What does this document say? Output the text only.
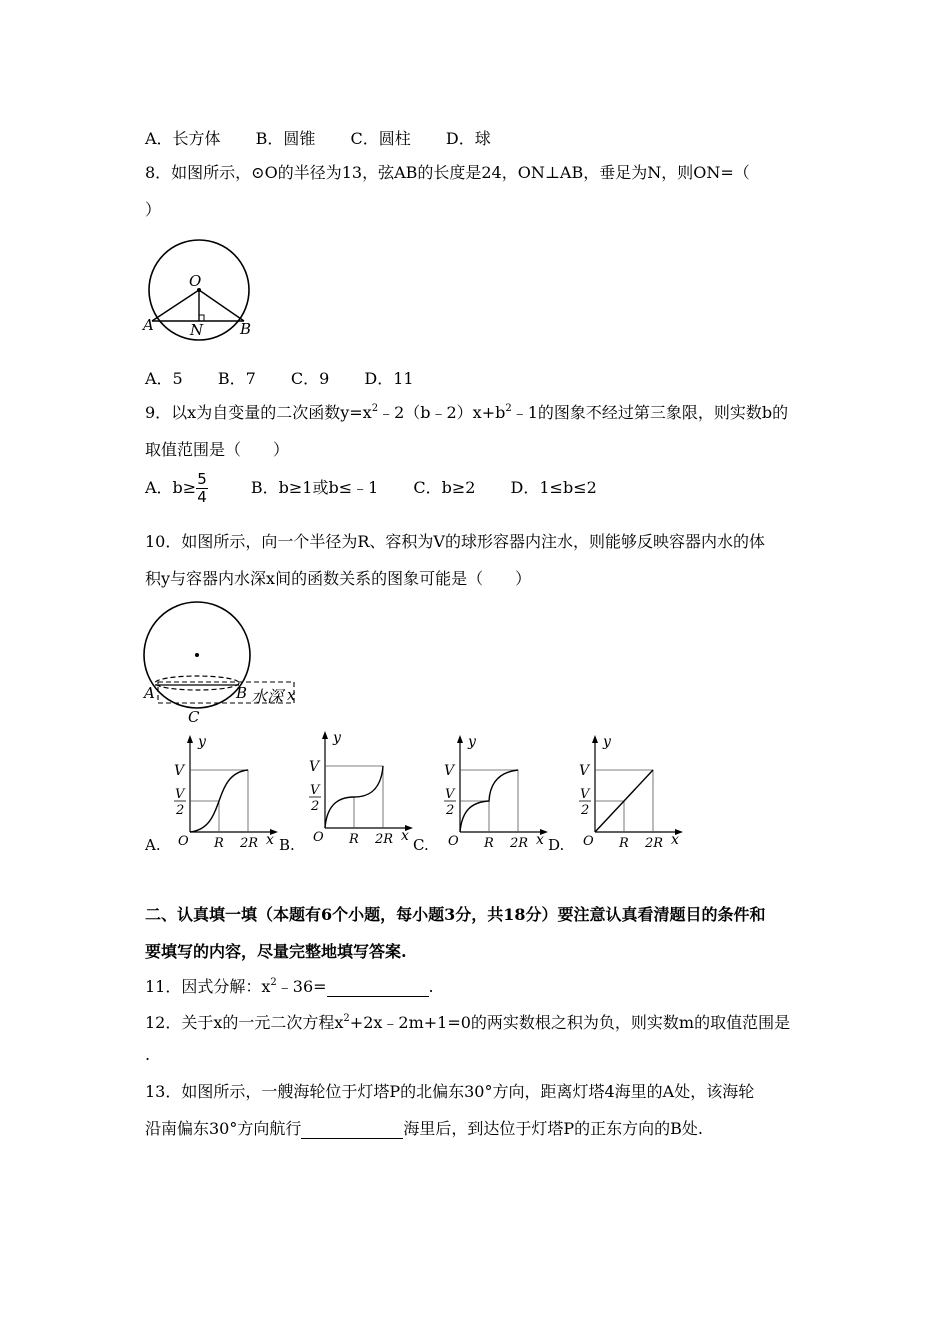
A．长方体 B．圆锥 C．圆柱 D．球
8．如图所示，⊙O的半径为13，弦AB的长度是24，ON⊥AB，垂足为N，则ON=（
）
O
A	B
N
A．5 B．7 C．9 D．11
9．以x为自变量的二次函数$y=x^2﹣2(b﹣2)x+b^2﹣1$的图象不经过第三象限，则实数b的
取值范围是（　　）
A．$b\ge \frac{5}{4}$	B．b≥1或b≤﹣1 C．b≥2 D．1≤b≤2
10．如图所示，向一个半径为R、容积为V的球形容器内注水，则能够反映容器内水的体
积y与容器内水深x间的函数关系的图象可能是（　　）
A	B
C
水深 x
y
V
V
2
O R 2R x
y
V
V
2
O R 2R x
y
V
V
2
O R 2R x
y
V
V
2
O R 2R x
A.	B.	C.	D.
二、认真填一填（本题有6个小题，每小题3分，共18分）要注意认真看清题目的条件和
要填写的内容，尽量完整地填写答案.
11．因式分解：$x^2﹣36=$	.
12．关于x的一元二次方程$x^2+2x﹣2m+1=0$的两实数根之积为负，则实数m的取值范围是
.
13．如图所示，一艘海轮位于灯塔P的北偏东30°方向，距离灯塔4海里的A处，该海轮
沿南偏东30°方向航行	海里后，到达位于灯塔P的正东方向的B处.
